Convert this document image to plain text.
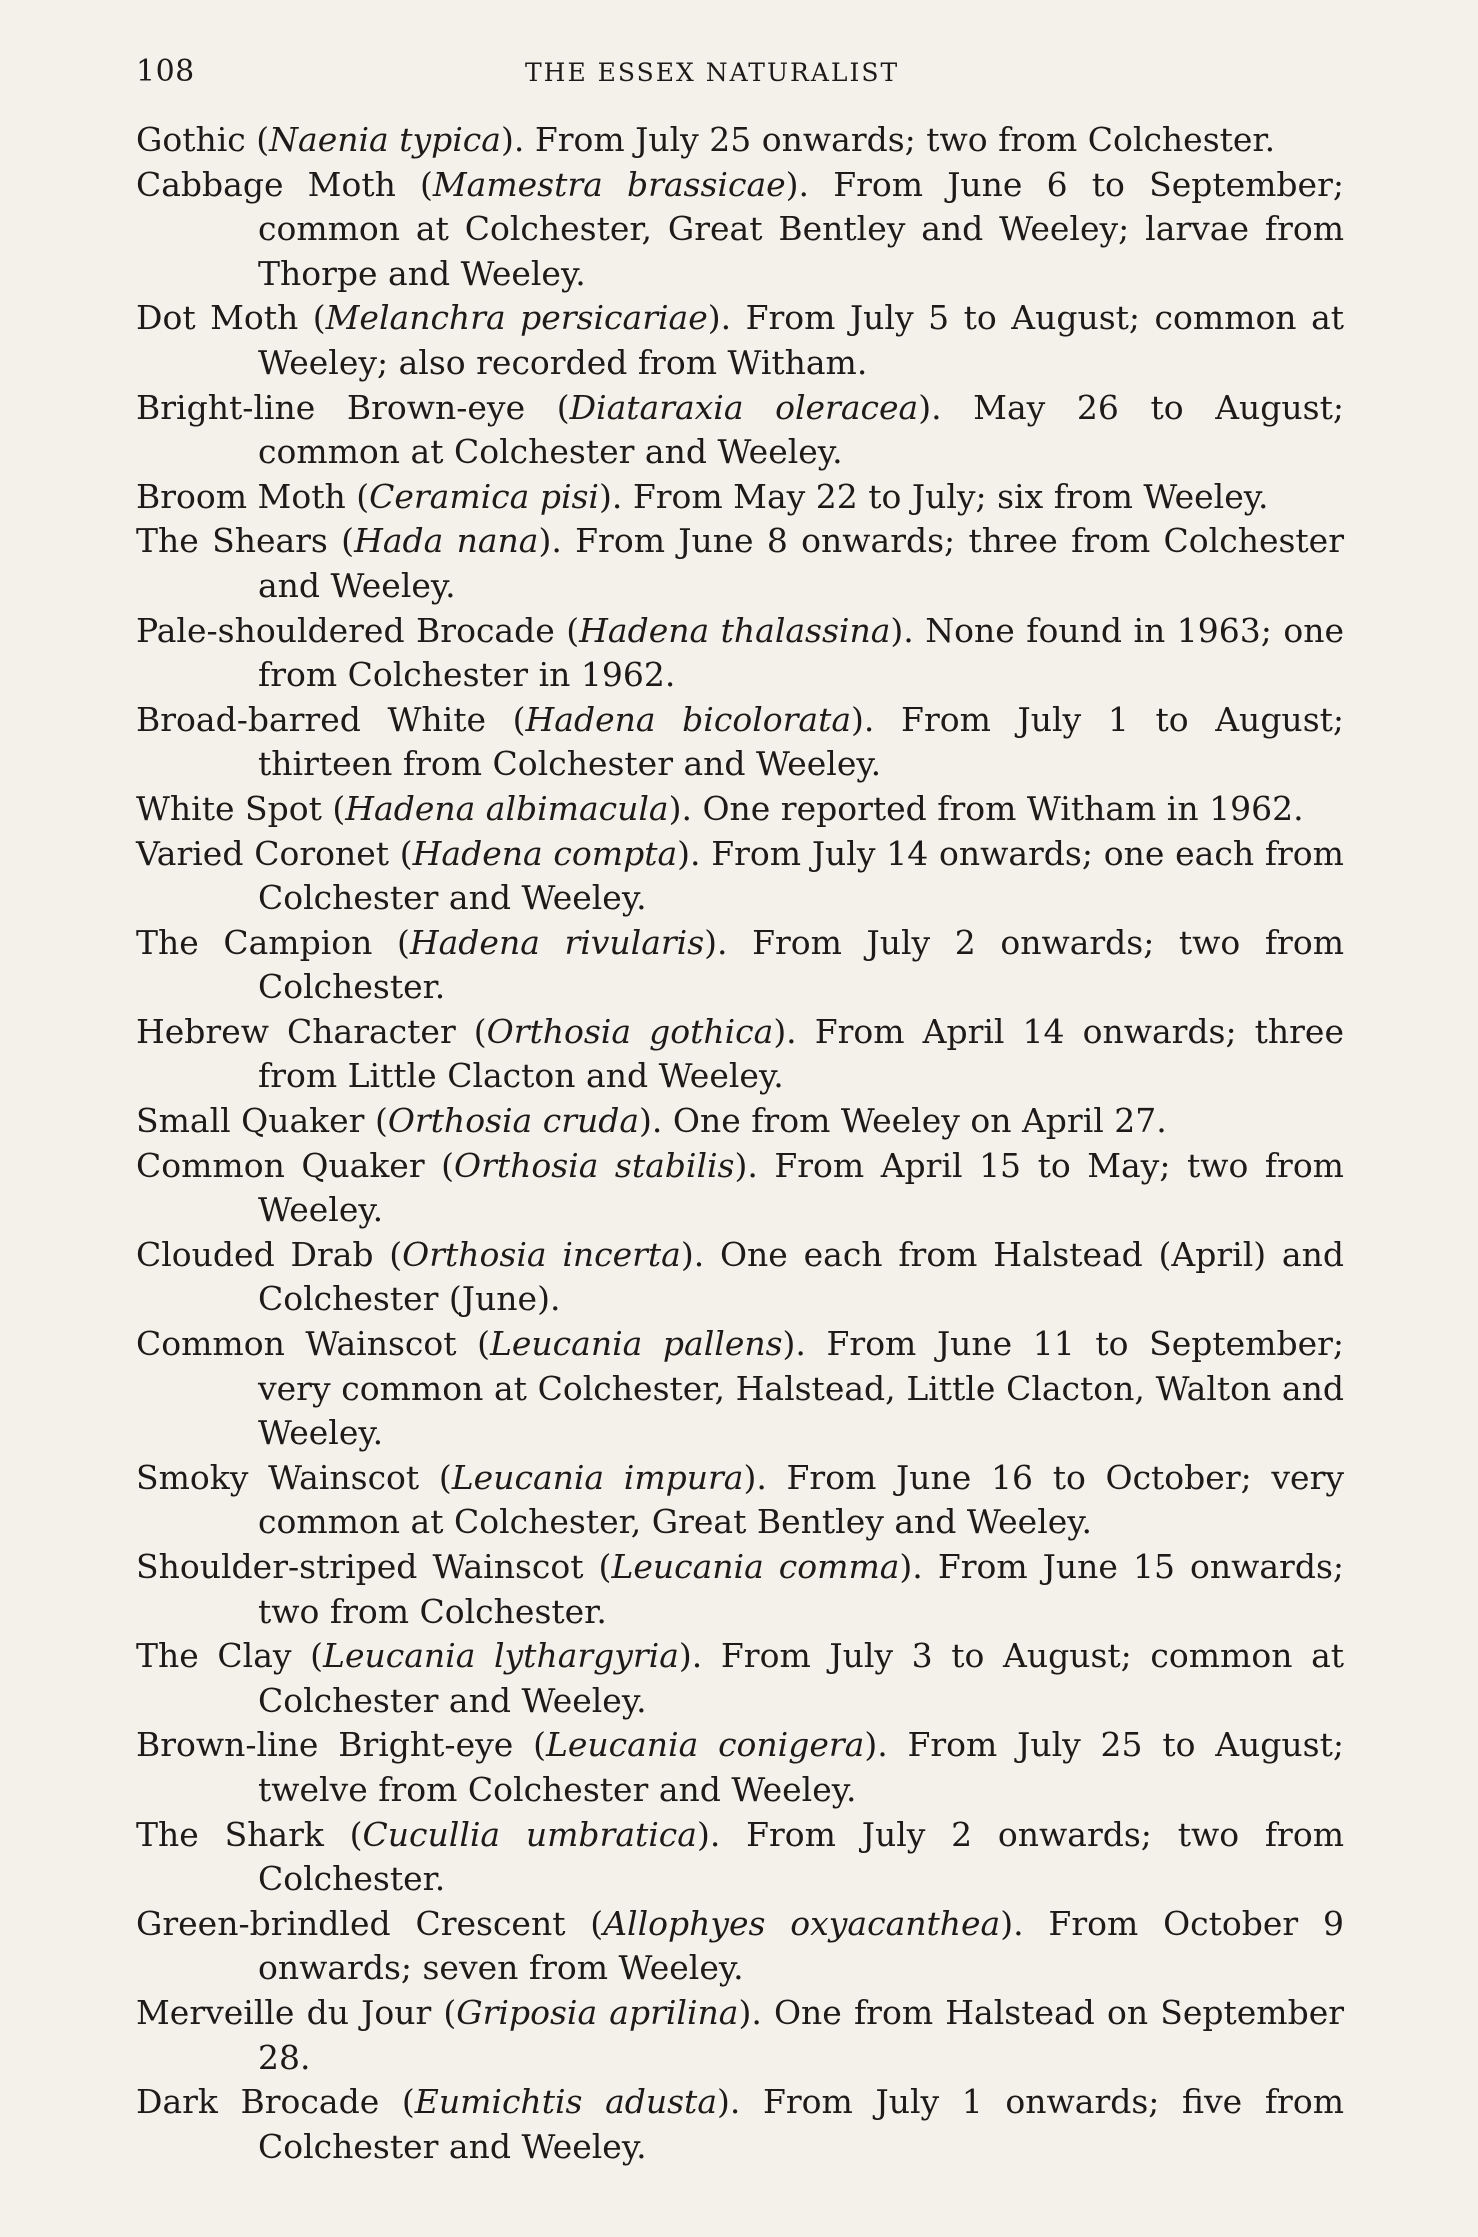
108	THE ESSEX NATURALIST

Gothic (Naenia typica). From July 25 onwards; two from Colchester.

Cabbage Moth (Mamestra brassicae). From June 6 to September; common at Colchester, Great Bentley and Weeley; larvae from Thorpe and Weeley.

Dot Moth (Melanchra persicariae). From July 5 to August; common at Weeley; also recorded from Witham.

Bright-line Brown-eye (Diataraxia oleracea). May 26 to August; common at Colchester and Weeley.

Broom Moth (Ceramica pisi). From May 22 to July; six from Weeley.

The Shears (Hada nana). From June 8 onwards; three from Colchester and Weeley.

Pale-shouldered Brocade (Hadena thalassina). None found in 1963; one from Colchester in 1962.

Broad-barred White (Hadena bicolorata). From July 1 to August; thirteen from Colchester and Weeley.

White Spot (Hadena albimacula). One reported from Witham in 1962.

Varied Coronet (Hadena compta). From July 14 onwards; one each from Colchester and Weeley.

The Campion (Hadena rivularis). From July 2 onwards; two from Colchester.

Hebrew Character (Orthosia gothica). From April 14 onwards; three from Little Clacton and Weeley.

Small Quaker (Orthosia cruda). One from Weeley on April 27.

Common Quaker (Orthosia stabilis). From April 15 to May; two from Weeley.

Clouded Drab (Orthosia incerta). One each from Halstead (April) and Colchester (June).

Common Wainscot (Leucania pallens). From June 11 to September; very common at Colchester, Halstead, Little Clacton, Walton and Weeley.

Smoky Wainscot (Leucania impura). From June 16 to October; very common at Colchester, Great Bentley and Weeley.

Shoulder-striped Wainscot (Leucania comma). From June 15 onwards; two from Colchester.

The Clay (Leucania lythargyria). From July 3 to August; common at Colchester and Weeley.

Brown-line Bright-eye (Leucania conigera). From July 25 to August; twelve from Colchester and Weeley.

The Shark (Cucullia umbratica). From July 2 onwards; two from Colchester.

Green-brindled Crescent (Allophyes oxyacanthea). From October 9 onwards; seven from Weeley.

Merveille du Jour (Griposia aprilina). One from Halstead on September 28.

Dark Brocade (Eumichtis adusta). From July 1 onwards; five from Colchester and Weeley.
